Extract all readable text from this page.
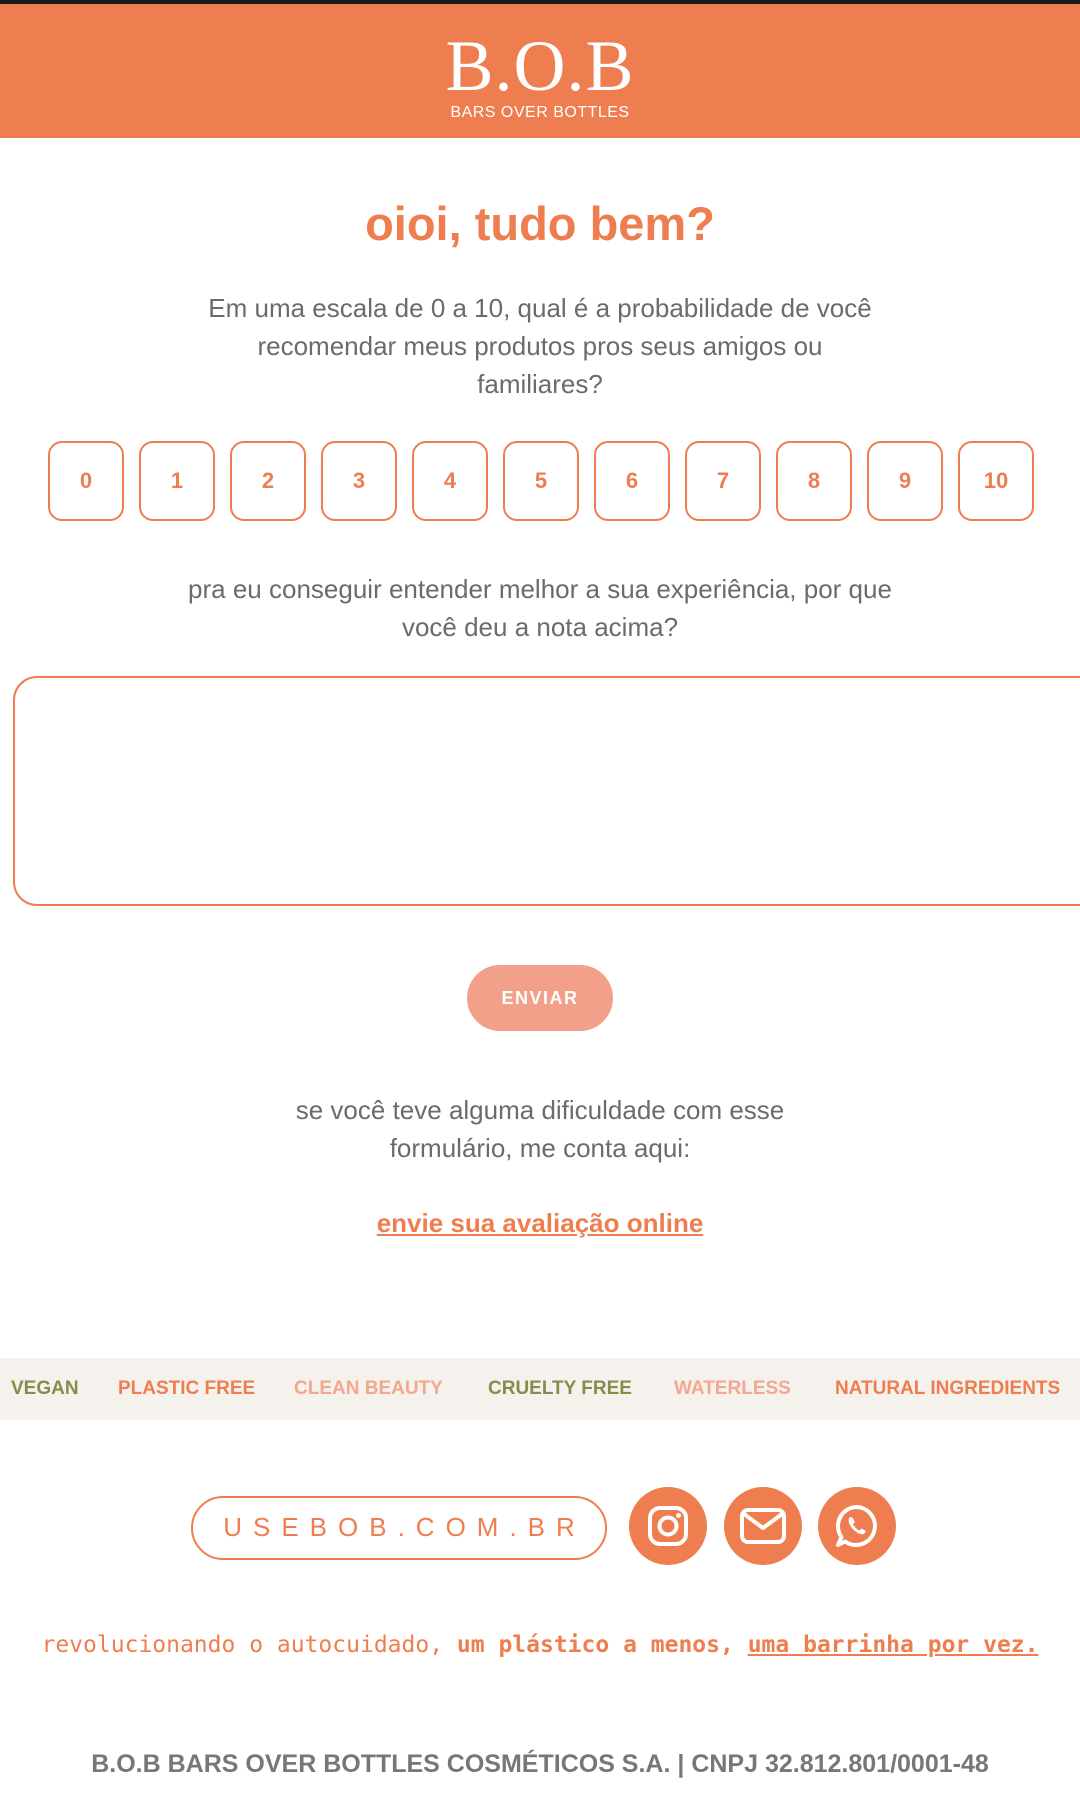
B.O.B
BARS OVER BOTTLES
oioi, tudo bem?
Em uma escala de 0 a 10, qual é a probabilidade de você recomendar meus produtos pros seus amigos ou familiares?
0	1	2	3	4	5	6	7	8	9	10
pra eu conseguir entender melhor a sua experiência, por que você deu a nota acima?
ENVIAR
se você teve alguma dificuldade com esse formulário, me conta aqui:
envie sua avaliação online
VEGAN PLASTIC FREE CLEAN BEAUTY CRUELTY FREE WATERLESS NATURAL INGREDIENTS
USEBOB.COM.BR
revolucionando o autocuidado, um plástico a menos, uma barrinha por vez.
B.O.B BARS OVER BOTTLES COSMÉTICOS S.A. | CNPJ 32.812.801/0001-48
